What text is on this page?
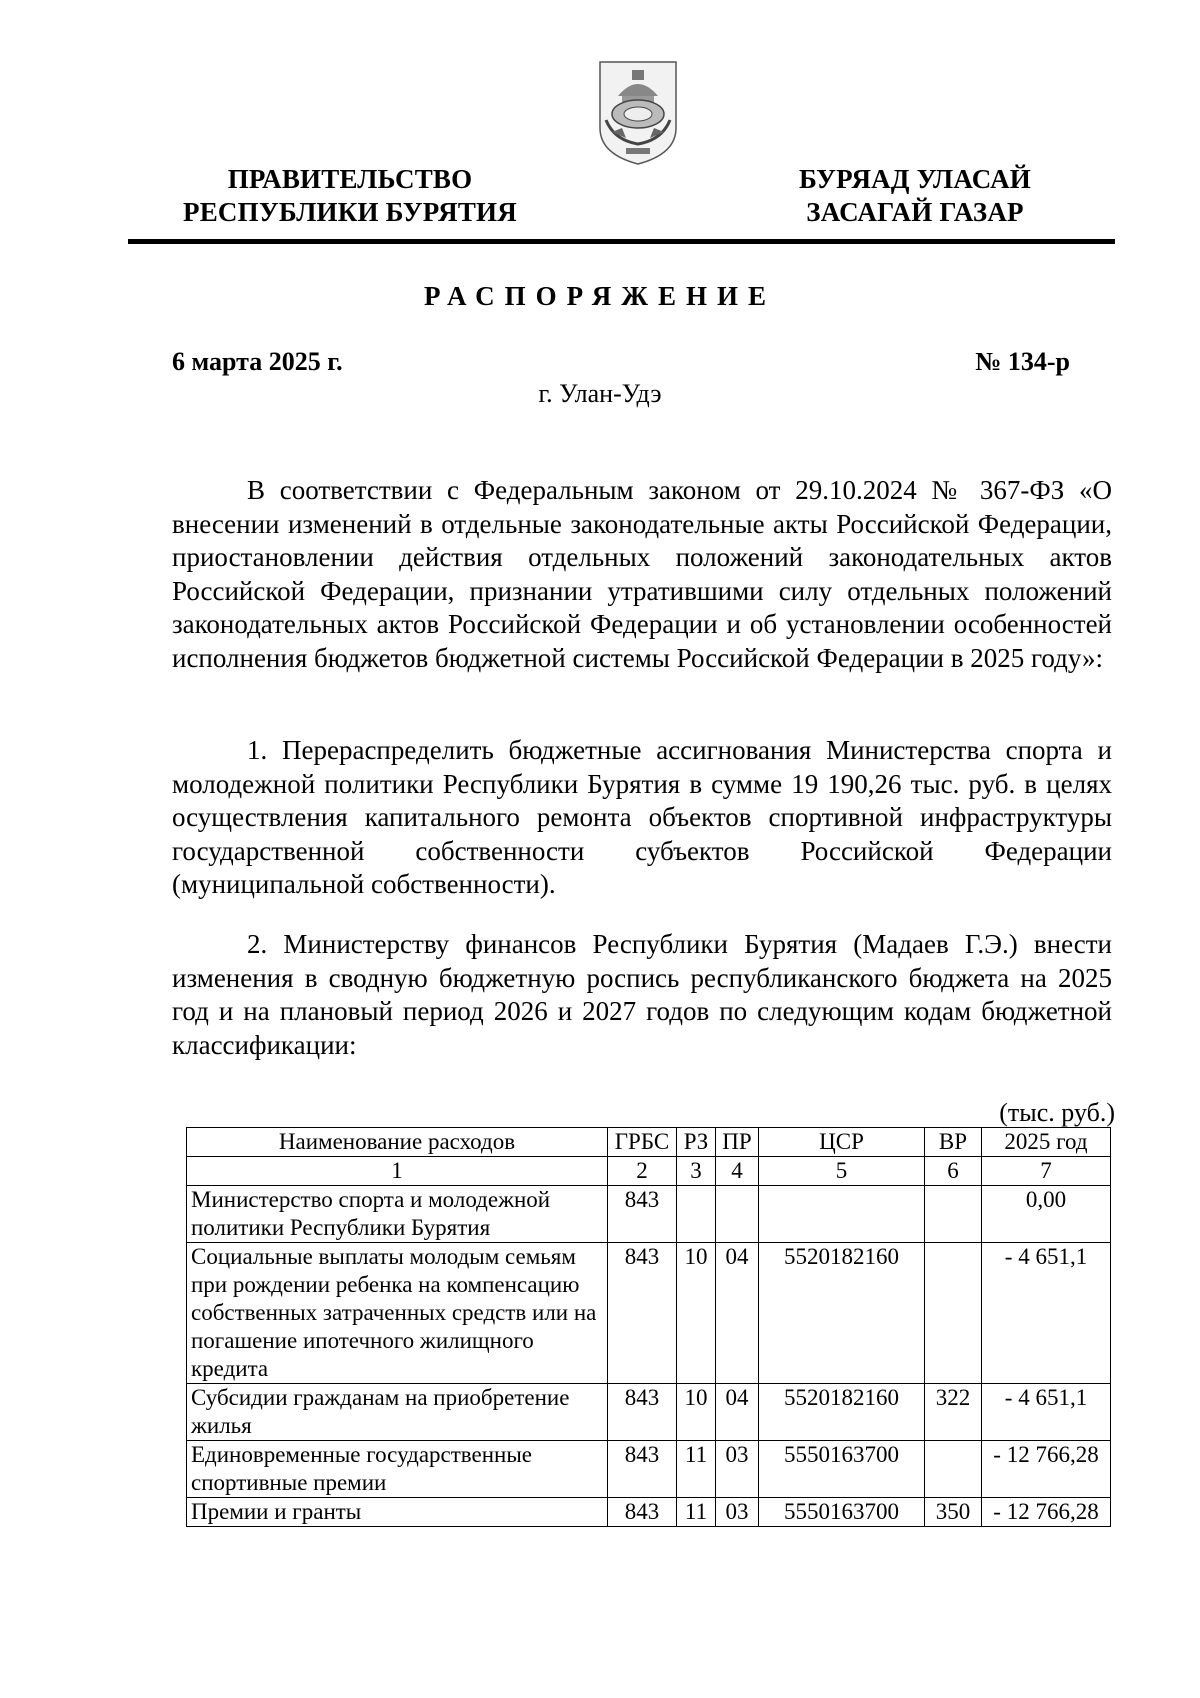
ПРАВИТЕЛЬСТВО
РЕСПУБЛИКИ БУРЯТИЯ
БУРЯАД УЛАСАЙ
ЗАСАГАЙ ГАЗАР
РАСПОРЯЖЕНИЕ
6 марта 2025 г.	№ 134-р
г. Улан-Удэ

В соответствии с Федеральным законом от 29.10.2024 № 367-ФЗ «О внесении изменений в отдельные законодательные акты Российской Федерации, приостановлении действия отдельных положений законодательных актов Российской Федерации, признании утратившими силу отдельных положений законодательных актов Российской Федерации и об установлении особенностей исполнения бюджетов бюджетной системы Российской Федерации в 2025 году»:

1. Перераспределить бюджетные ассигнования Министерства спорта и молодежной политики Республики Бурятия в сумме 19 190,26 тыс. руб. в целях осуществления капитального ремонта объектов спортивной инфраструктуры государственной собственности субъектов Российской Федерации (муниципальной собственности).

2. Министерству финансов Республики Бурятия (Мадаев Г.Э.) внести изменения в сводную бюджетную роспись республиканского бюджета на 2025 год и на плановый период 2026 и 2027 годов по следующим кодам бюджетной классификации:

(тыс. руб.)
Наименование расходов	ГРБС	РЗ	ПР	ЦСР	ВР	2025 год
1	2	3	4	5	6	7
Министерство спорта и молодежной политики Республики Бурятия	843					0,00
Социальные выплаты молодым семьям при рождении ребенка на компенсацию собственных затраченных средств или на погашение ипотечного жилищного кредита	843	10	04	5520182160		- 4 651,1
Субсидии гражданам на приобретение жилья	843	10	04	5520182160	322	- 4 651,1
Единовременные государственные спортивные премии	843	11	03	5550163700		- 12 766,28
Премии и гранты	843	11	03	5550163700	350	- 12 766,28
